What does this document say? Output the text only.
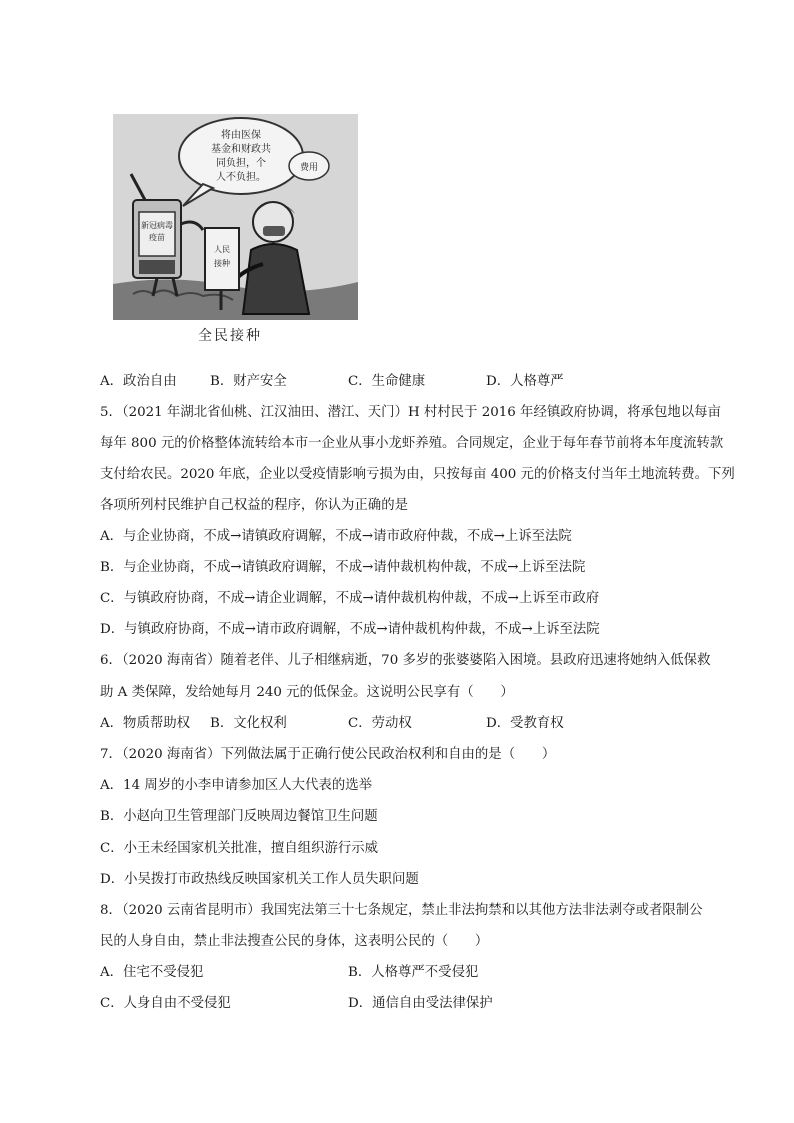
将由医保
基金和财政共
同负担，个
人不负担。
费用
新冠病毒
疫苗
人民
接种
全民接种
A．政治自由 B．财产安全	C．生命健康	D．人格尊严
5．（2021 年湖北省仙桃、江汉油田、潜江、天门）H 村村民于 2016 年经镇政府协调，将承包地以每亩
每年 800 元的价格整体流转给本市一企业从事小龙虾养殖。合同规定，企业于每年春节前将本年度流转款
支付给农民。2020 年底，企业以受疫情影响亏损为由，只按每亩 400 元的价格支付当年土地流转费。下列
各项所列村民维护自己权益的程序，你认为正确的是
A．与企业协商，不成→请镇政府调解，不成→请市政府仲裁，不成→上诉至法院
B．与企业协商，不成→请镇政府调解，不成→请仲裁机构仲裁，不成→上诉至法院
C．与镇政府协商，不成→请企业调解，不成→请仲裁机构仲裁，不成→上诉至市政府
D．与镇政府协商，不成→请市政府调解，不成→请仲裁机构仲裁，不成→上诉至法院
6．（2020 海南省）随着老伴、儿子相继病逝，70 多岁的张婆婆陷入困境。县政府迅速将她纳入低保救
助 A 类保障，发给她每月 240 元的低保金。这说明公民享有（　　）
A．物质帮助权 B．文化权利	C．劳动权	D．受教育权
7．（2020 海南省）下列做法属于正确行使公民政治权利和自由的是（　　）
A．14 周岁的小李申请参加区人大代表的选举
B．小赵向卫生管理部门反映周边餐馆卫生问题
C．小王未经国家机关批准，擅自组织游行示威
D．小吴拨打市政热线反映国家机关工作人员失职问题
8．（2020 云南省昆明市）我国宪法第三十七条规定，禁止非法拘禁和以其他方法非法剥夺或者限制公
民的人身自由，禁止非法搜查公民的身体，这表明公民的（　　）
A．住宅不受侵犯	B．人格尊严不受侵犯
C．人身自由不受侵犯	D．通信自由受法律保护
